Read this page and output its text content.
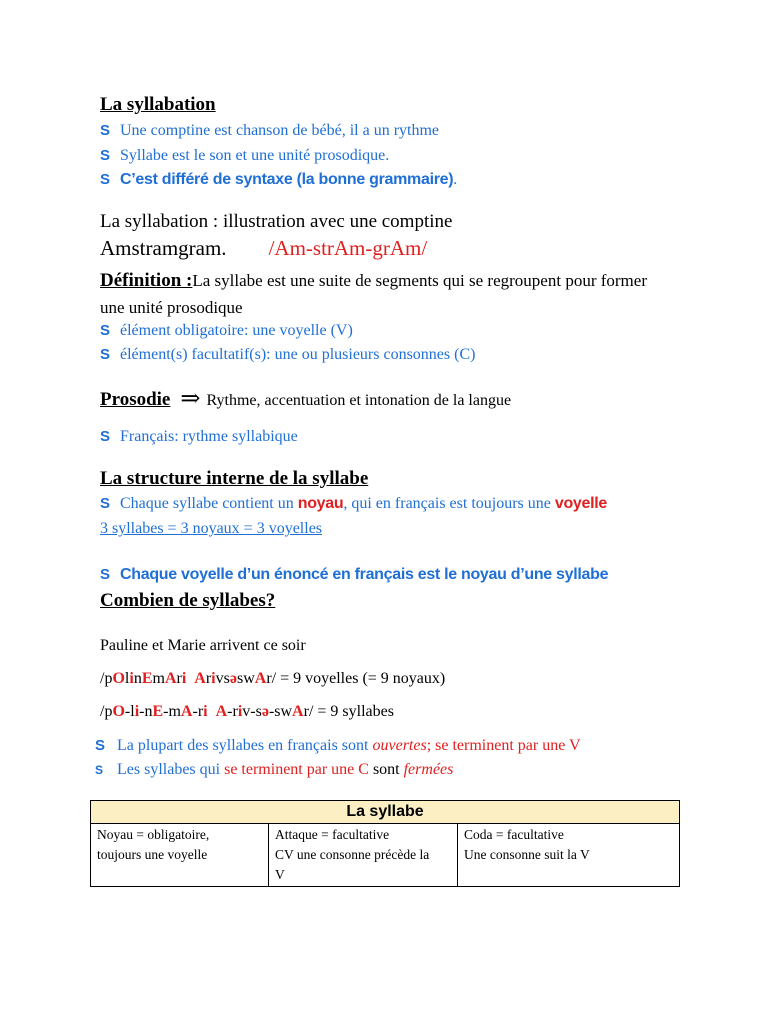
La syllabation
S Une comptine est chanson de bébé, il a un rythme
S Syllabe est le son et une unité prosodique.
S C’est différé de syntaxe (la bonne grammaire).
La syllabation : illustration avec une comptine
Amstramgram. /Am-strAm-grAm/
Définition :La syllabe est une suite de segments qui se regroupent pour former
une unité prosodique
S élément obligatoire: une voyelle (V)
S élément(s) facultatif(s): une ou plusieurs consonnes (C)
Prosodie ⇒ Rythme, accentuation et intonation de la langue
S Français: rythme syllabique
La structure interne de la syllabe
S Chaque syllabe contient un noyau, qui en français est toujours une voyelle
3 syllabes = 3 noyaux = 3 voyelles
S Chaque voyelle d’un énoncé en français est le noyau d’une syllabe
Combien de syllabes?
Pauline et Marie arrivent ce soir
/pOlinEmAri ArivsəswAr/ = 9 voyelles (= 9 noyaux)
/pO-li-nE-mA-ri A-riv-sə-swAr/ = 9 syllabes
S La plupart des syllabes en français sont ouvertes; se terminent par une V
S Les syllabes qui se terminent par une C sont fermées
La syllabe

Noyau = obligatoire,
toujours une voyelle

Attaque = facultative
CV une consonne précède la
V

Coda = facultative
Une consonne suit la V
